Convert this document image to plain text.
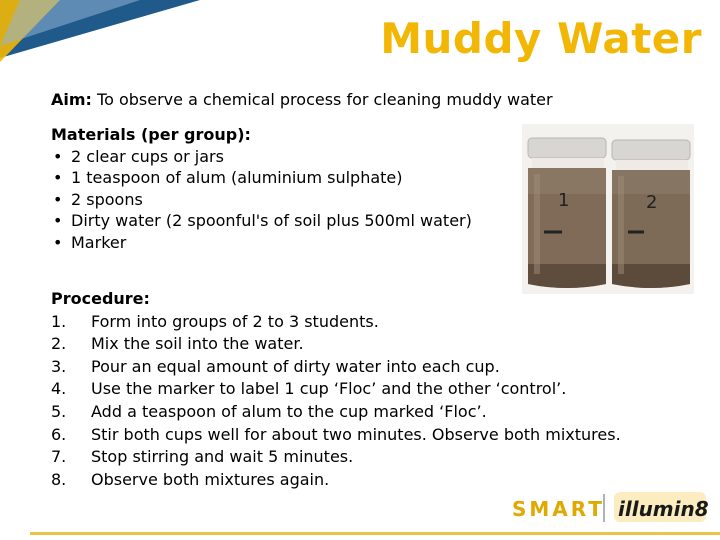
Muddy Water
Aim: To observe a chemical process for cleaning muddy water
Materials (per group):
• 2 clear cups or jars
• 1 teaspoon of alum (aluminium sulphate)
• 2 spoons
• Dirty water (2 spoonful's of soil plus 500ml water)
• Marker
1	2
Procedure:
1.	Form into groups of 2 to 3 students.
2.	Mix the soil into the water.
3.	Pour an equal amount of dirty water into each cup.
4.	Use the marker to label 1 cup ‘Floc’ and the other ‘control’.
5.	Add a teaspoon of alum to the cup marked ‘Floc’.
6.	Stir both cups well for about two minutes. Observe both mixtures.
7.	Stop stirring and wait 5 minutes.
8.	Observe both mixtures again.
SMART illumin8
